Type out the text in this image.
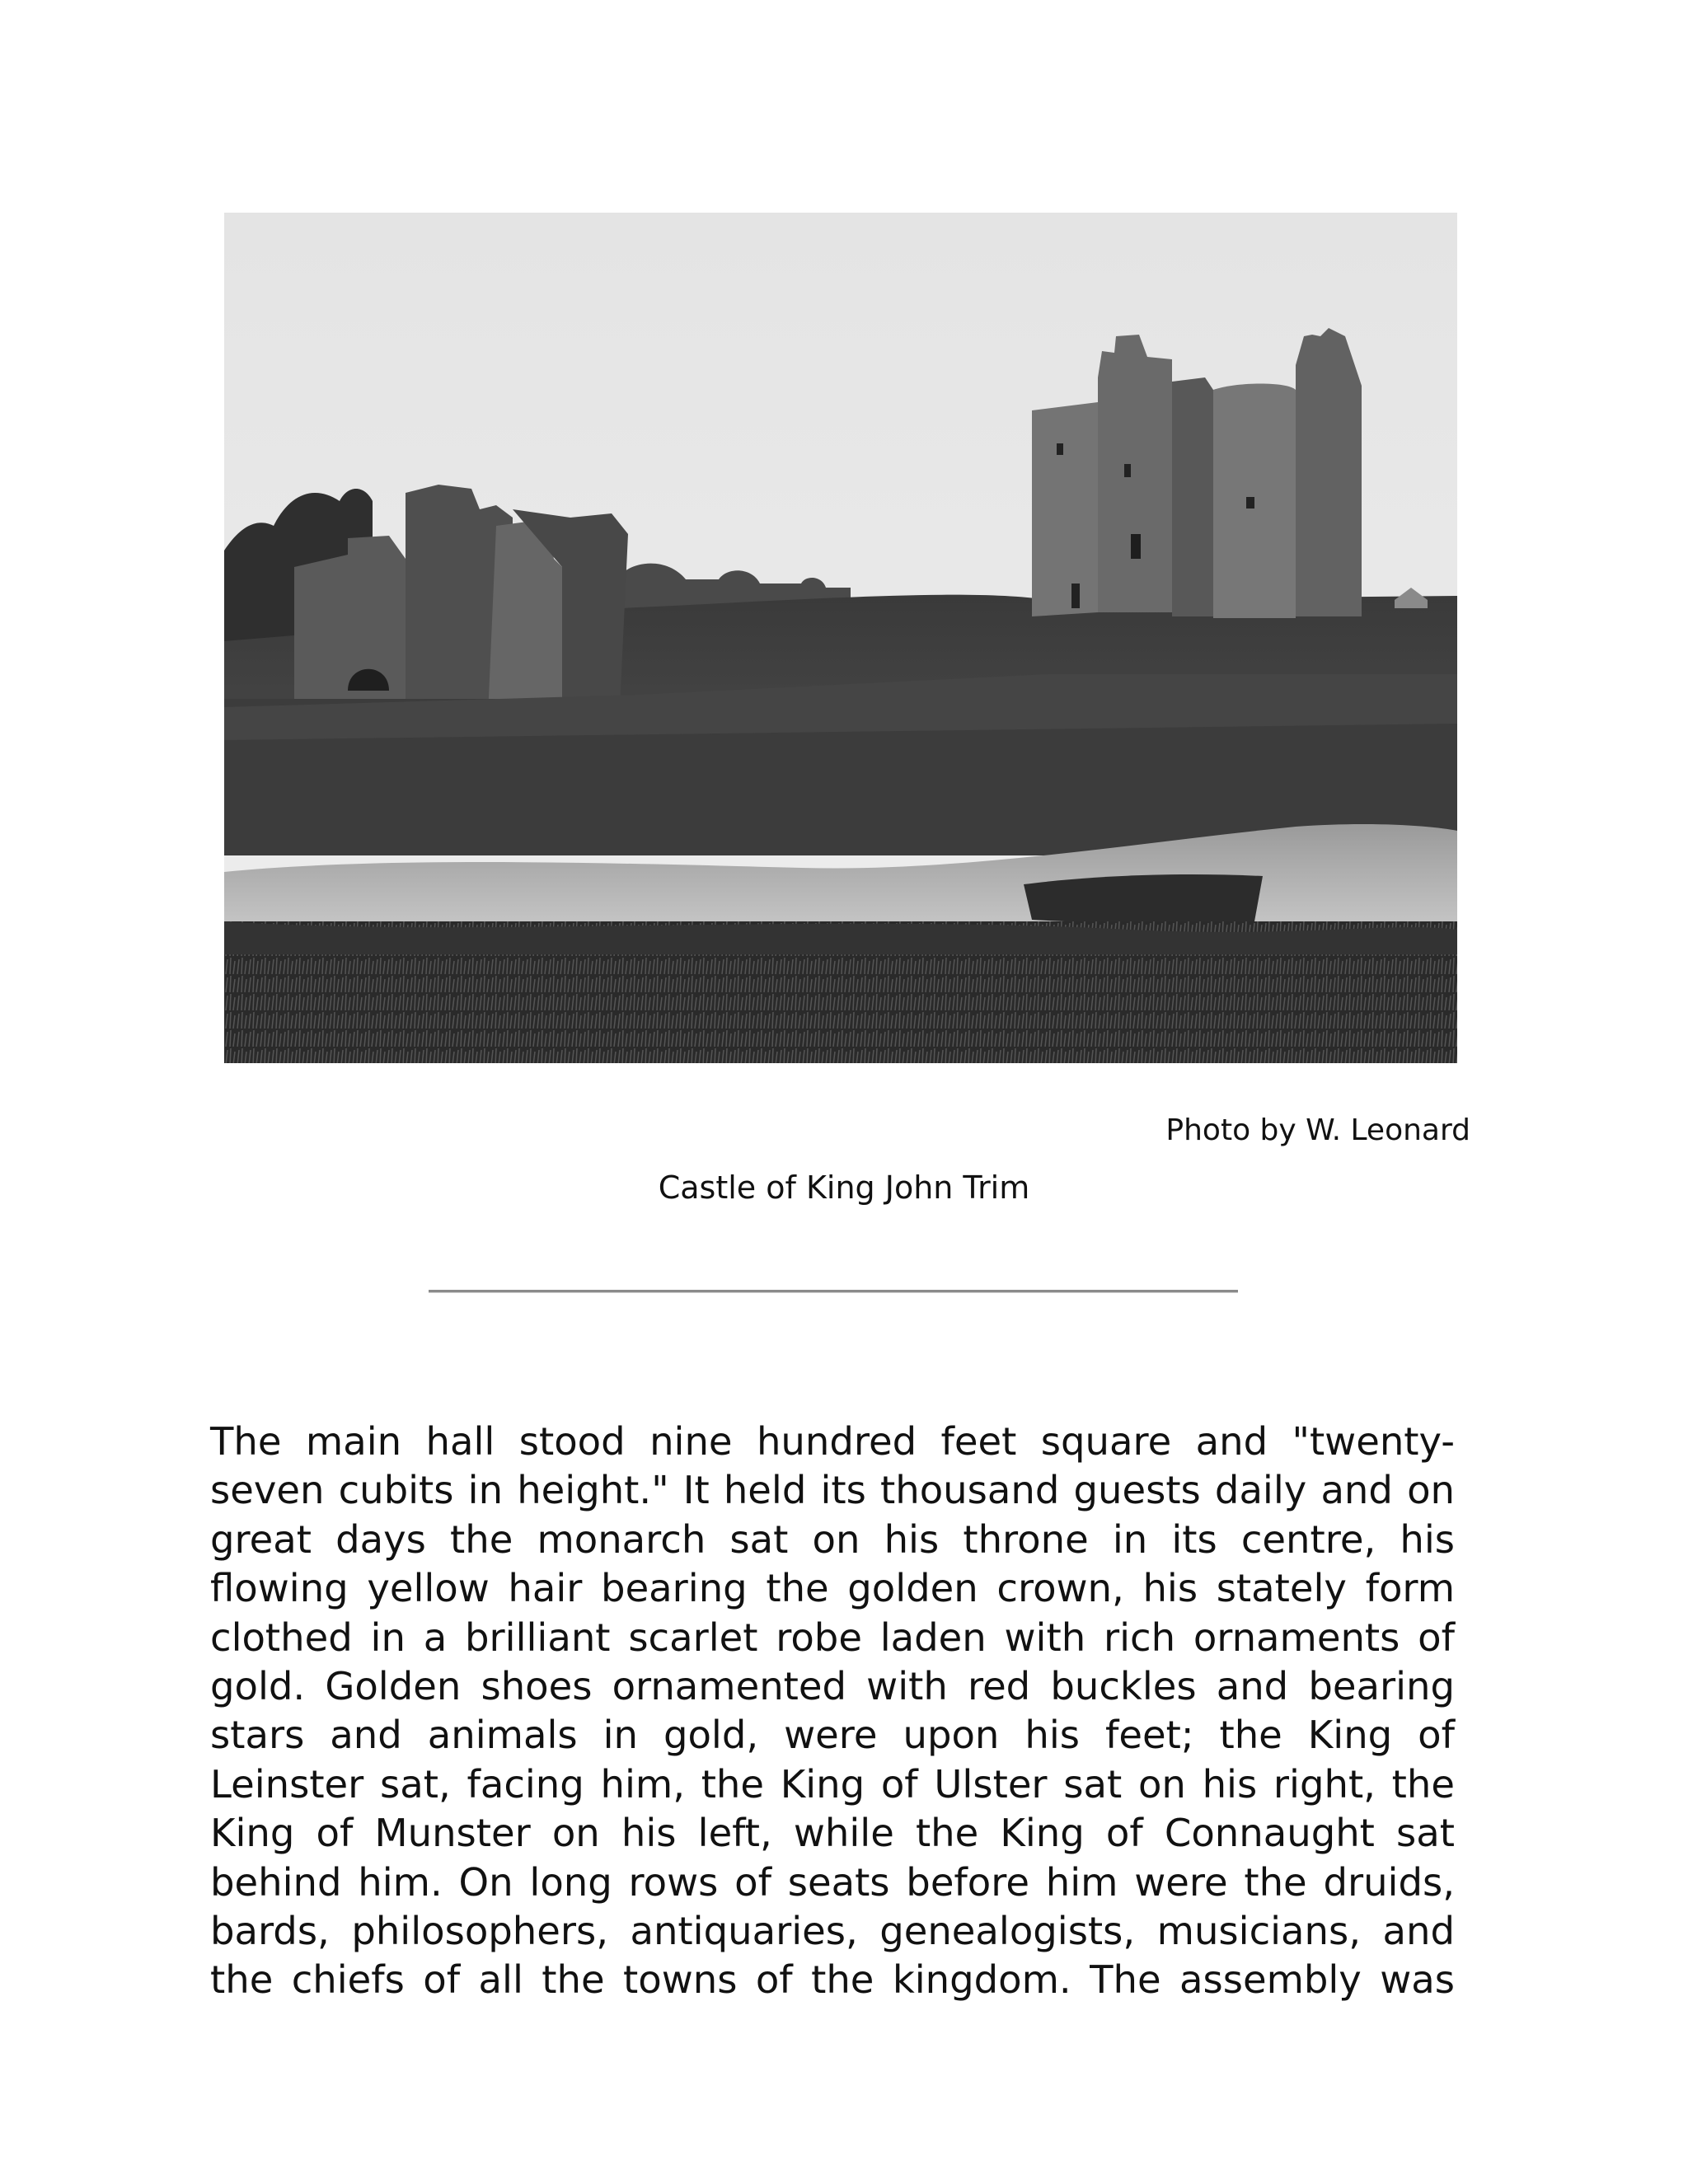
Photo by W. Leonard
Castle of King John Trim

The main hall stood nine hundred feet square and "twenty-seven cubits in height." It held its thousand guests daily and on great days the monarch sat on his throne in its centre, his flowing yellow hair bearing the golden crown, his stately form clothed in a brilliant scarlet robe laden with rich ornaments of gold. Golden shoes ornamented with red buckles and bearing stars and animals in gold, were upon his feet; the King of Leinster sat, facing him, the King of Ulster sat on his right, the King of Munster on his left, while the King of Connaught sat behind him. On long rows of seats before him were the druids, bards, philosophers, antiquaries, genealogists, musicians, and the chiefs of all the towns of the kingdom. The assembly was
